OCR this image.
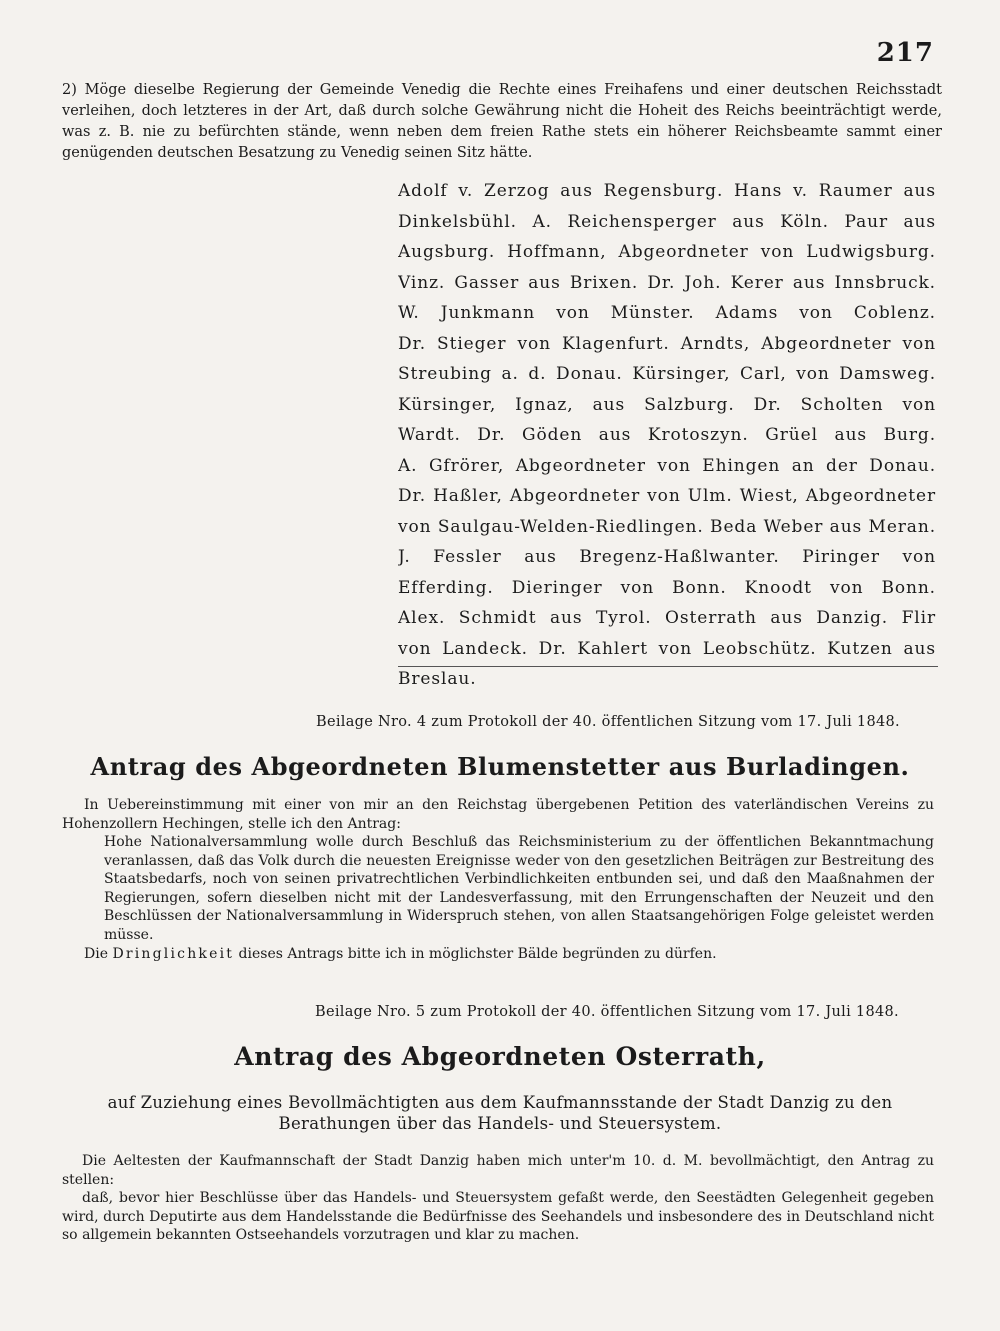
217

2) Möge dieselbe Regierung der Gemeinde Venedig die Rechte eines Freihafens und einer deutschen Reichsstadt verleihen, doch letzteres in der Art, daß durch solche Gewährung nicht die Hoheit des Reichs beeinträchtigt werde, was z. B. nie zu befürchten stände, wenn neben dem freien Rathe stets ein höherer Reichsbeamte sammt einer genügenden deutschen Besatzung zu Venedig seinen Sitz hätte.

Adolf v. Zerzog aus Regensburg. Hans v. Raumer aus
Dinkelsbühl. A. Reichensperger aus Köln. Paur aus
Augsburg. Hoffmann, Abgeordneter von Ludwigsburg.
Vinz. Gasser aus Brixen. Dr. Joh. Kerer aus Innsbruck.
W. Junkmann von Münster. Adams von Coblenz.
Dr. Stieger von Klagenfurt. Arndts, Abgeordneter von
Streubing a. d. Donau. Kürsinger, Carl, von Damsweg.
Kürsinger, Ignaz, aus Salzburg. Dr. Scholten von
Wardt. Dr. Göden aus Krotoszyn. Grüel aus Burg.
A. Gfrörer, Abgeordneter von Ehingen an der Donau.
Dr. Haßler, Abgeordneter von Ulm. Wiest, Abgeordneter
von Saulgau-Welden-Riedlingen. Beda Weber aus Meran.
J. Fessler aus Bregenz-Haßlwanter. Piringer von
Efferding. Dieringer von Bonn. Knoodt von Bonn.
Alex. Schmidt aus Tyrol. Osterrath aus Danzig. Flir
von Landeck. Dr. Kahlert von Leobschütz. Kutzen aus
Breslau.
Beilage Nro. 4 zum Protokoll der 40. öffentlichen Sitzung vom 17. Juli 1848.
Antrag des Abgeordneten Blumenstetter aus Burladingen.

In Uebereinstimmung mit einer von mir an den Reichstag übergebenen Petition des vaterländischen Vereins zu Hohenzollern Hechingen, stelle ich den Antrag:

Hohe Nationalversammlung wolle durch Beschluß das Reichsministerium zu der öffentlichen Bekanntmachung veranlassen, daß das Volk durch die neuesten Ereignisse weder von den gesetzlichen Beiträgen zur Bestreitung des Staatsbedarfs, noch von seinen privatrechtlichen Verbindlichkeiten entbunden sei, und daß den Maaßnahmen der Regierungen, sofern dieselben nicht mit der Landesverfassung, mit den Errungenschaften der Neuzeit und den Beschlüssen der Nationalversammlung in Widerspruch stehen, von allen Staatsangehörigen Folge geleistet werden müsse.

Die Dringlichkeit dieses Antrags bitte ich in möglichster Bälde begründen zu dürfen.

Beilage Nro. 5 zum Protokoll der 40. öffentlichen Sitzung vom 17. Juli 1848.
Antrag des Abgeordneten Osterrath,
auf Zuziehung eines Bevollmächtigten aus dem Kaufmannsstande der Stadt Danzig zu den Berathungen über das Handels- und Steuersystem.

Die Aeltesten der Kaufmannschaft der Stadt Danzig haben mich unter'm 10. d. M. bevollmächtigt, den Antrag zu stellen:

daß, bevor hier Beschlüsse über das Handels- und Steuersystem gefaßt werde, den Seestädten Gelegenheit gegeben wird, durch Deputirte aus dem Handelsstande die Bedürfnisse des Seehandels und insbesondere des in Deutschland nicht so allgemein bekannten Ostseehandels vorzutragen und klar zu machen.
